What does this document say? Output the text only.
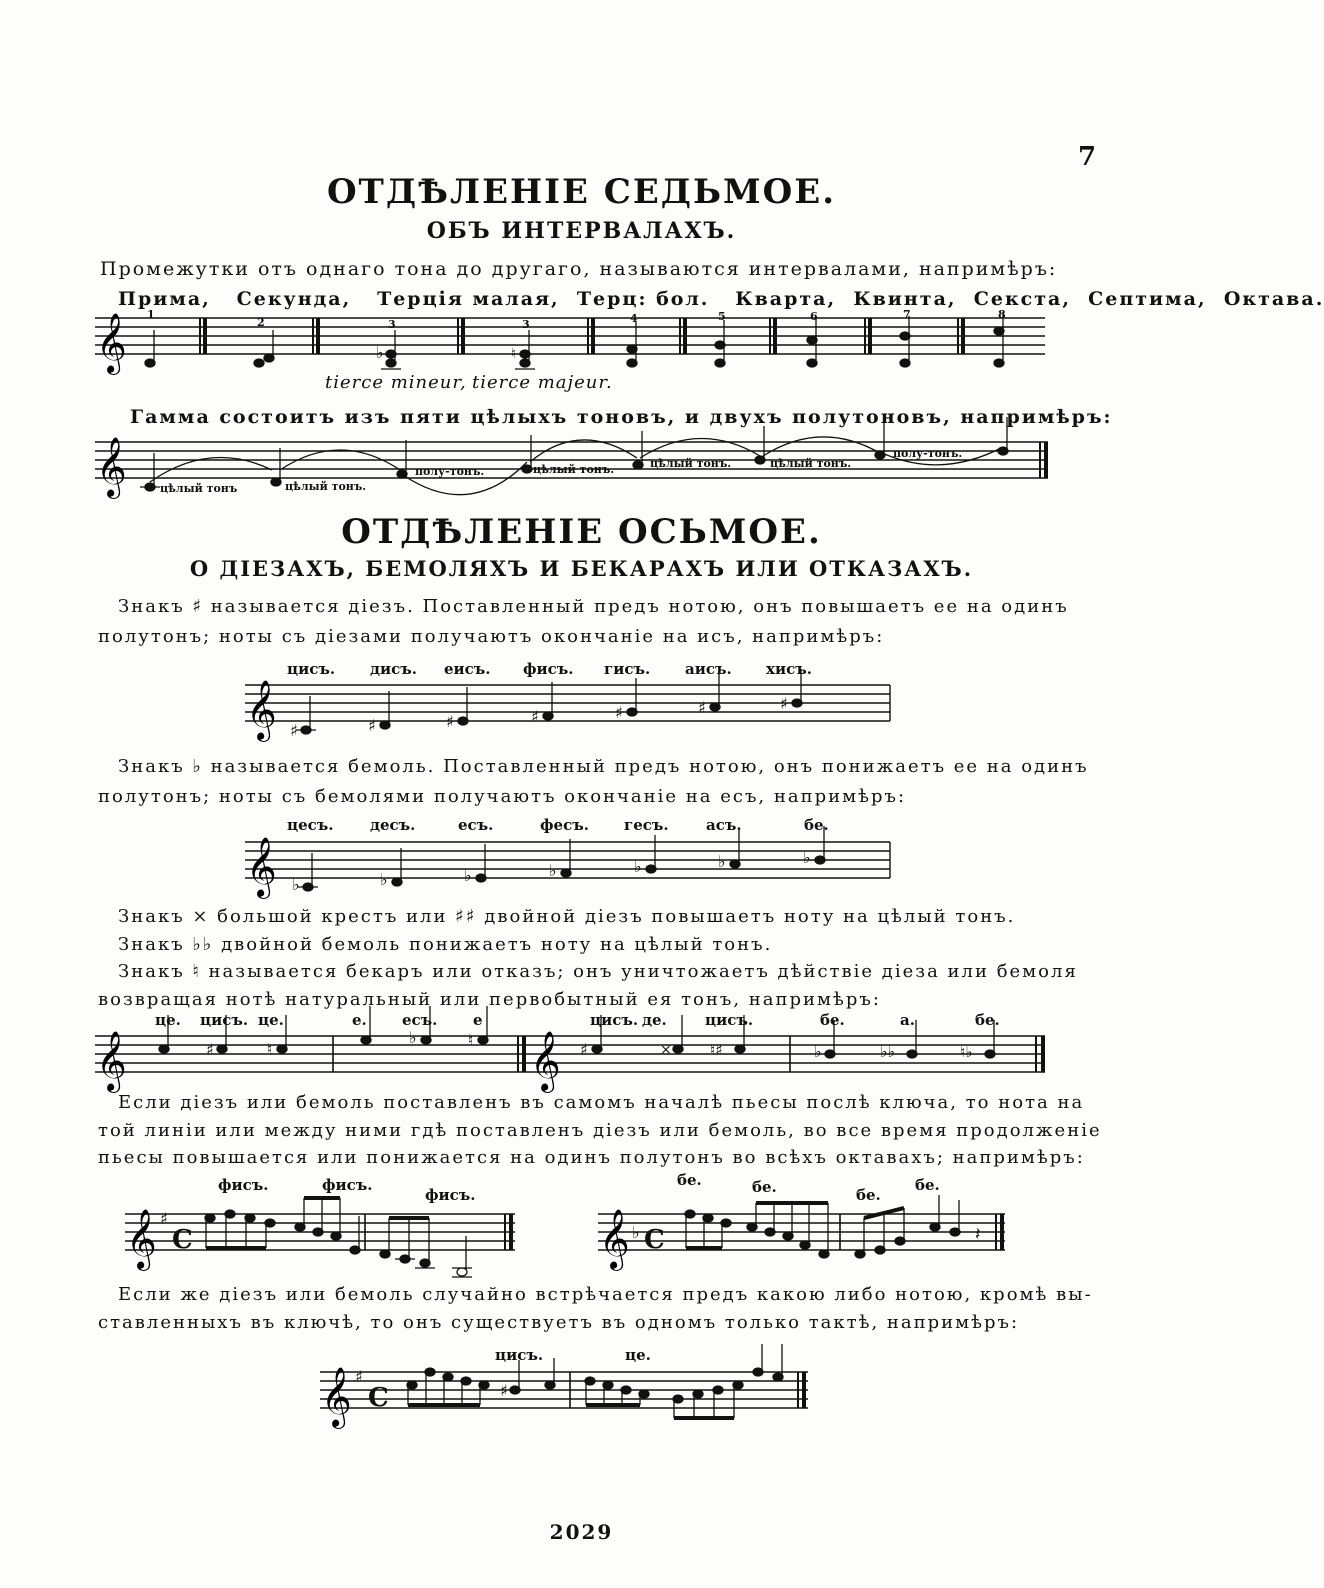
7
ОТДѢЛЕНІЕ СЕДЬМОЕ.
ОБЪ ИНТЕРВАЛАХЪ.
Промежутки отъ однаго тона до другаго, называются интервалами, напримѣръ:
Прима, Секунда, Терція малая, Терц: бол. Кварта, Квинта, Секста, Септима, Октава.
𝄞 1
2	3	3	4	5	6	7	8
♭	♮
tierce mineur, tierce majeur.
Гамма состоитъ изъ пяти цѣлыхъ тоновъ, и двухъ полутоновъ, напримѣръ:
𝄞	цѣлый тонъ	цѣлый тонъ.
полу-тонъ.	цѣлый тонъ.	цѣлый тонъ.	цѣлый тонъ.
полу-тонъ.
ОТДѢЛЕНІЕ ОСЬМОЕ.
О ДІЕЗАХЪ, БЕМОЛЯХЪ И БЕКАРАХЪ ИЛИ ОТКАЗАХЪ.
Знакъ ♯ называется діезъ. Поставленный предъ нотою, онъ повышаетъ ее на одинъ
полутонъ; ноты съ діезами получаютъ окончаніе на исъ, напримѣръ:
цисъ. дисъ. еисъ. фисъ. гисъ. аисъ. хисъ.
𝄞 ♯	♯	♯	♯	♯	♯	♯
Знакъ ♭ называется бемоль. Поставленный предъ нотою, онъ понижаетъ ее на одинъ
полутонъ; ноты съ бемолями получаютъ окончаніе на есъ, напримѣръ:
цесъ. десъ.	есъ.	фесъ. гесъ. асъ.	бе.
𝄞 ♭	♭	♭	♭	♭	♭	♭
Знакъ × большой крестъ или ♯♯ двойной діезъ повышаетъ ноту на цѣлый тонъ.
Знакъ ♭♭ двойной бемоль понижаетъ ноту на цѣлый тонъ.
Знакъ ♮ называется бекаръ или отказъ; онъ уничтожаетъ дѣйствіе діеза или бемоля
возвращая нотѣ натуральный или первобытный ея тонъ, напримѣръ:
це. цисъ. це.	е. есъ. е	цисъ. де.	цисъ.	бе.	а.	бе.
𝄞	𝄞
♯	♮
♭	♮	♯	×	♮♯	♭	♭♭	♮♭
Если діезъ или бемоль поставленъ въ самомъ началѣ пьесы послѣ ключа, то нота на
той линіи или между ними гдѣ поставленъ діезъ или бемоль, во все время продолженіе
пьесы повышается или понижается на одинъ полутонъ во всѣхъ октавахъ; напримѣръ:
фисъ.	фисъ.
фисъ.
бе.	бе.	бе.
бе.
𝄞	𝄞
♯
C	♭ C	𝄽
Если же діезъ или бемоль случайно встрѣчается предъ какою либо нотою, кромѣ вы-
ставленныхъ въ ключѣ, то онъ существуетъ въ одномъ только тактѣ, напримѣръ:
цисъ.	це.
𝄞 ♯
C	♯
2029
